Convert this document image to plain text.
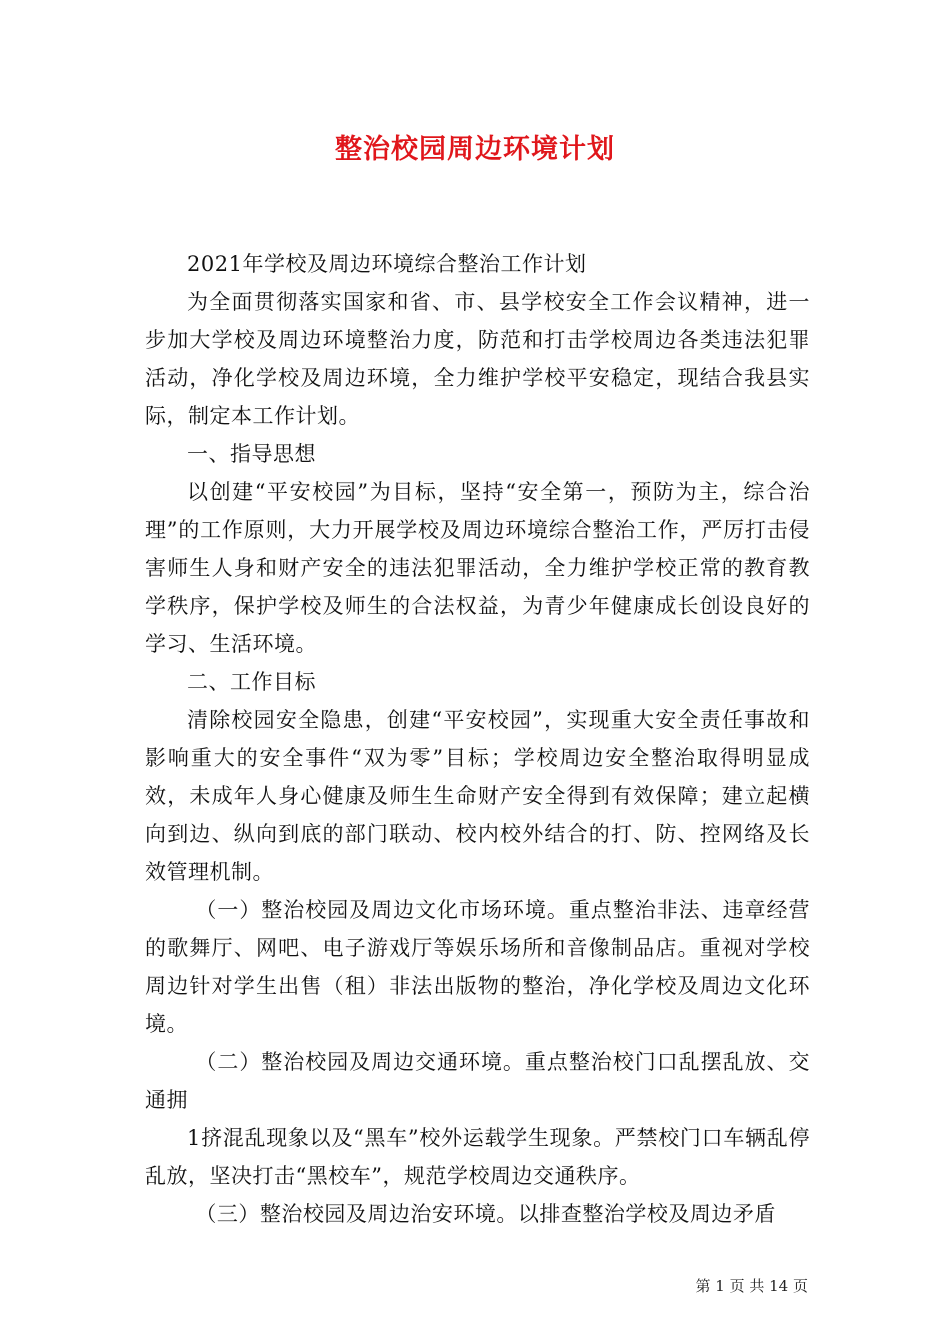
整治校园周边环境计划

2021年学校及周边环境综合整治工作计划

为全面贯彻落实国家和省、市、县学校安全工作会议精神，进一步加大学校及周边环境整治力度，防范和打击学校周边各类违法犯罪活动，净化学校及周边环境，全力维护学校平安稳定，现结合我县实际，制定本工作计划。

一、指导思想

以创建“平安校园”为目标，坚持“安全第一，预防为主，综合治理”的工作原则，大力开展学校及周边环境综合整治工作，严厉打击侵害师生人身和财产安全的违法犯罪活动，全力维护学校正常的教育教学秩序，保护学校及师生的合法权益，为青少年健康成长创设良好的学习、生活环境。

二、工作目标

清除校园安全隐患，创建“平安校园”，实现重大安全责任事故和影响重大的安全事件“双为零”目标；学校周边安全整治取得明显成效，未成年人身心健康及师生生命财产安全得到有效保障；建立起横向到边、纵向到底的部门联动、校内校外结合的打、防、控网络及长效管理机制。

（一）整治校园及周边文化市场环境。重点整治非法、违章经营的歌舞厅、网吧、电子游戏厅等娱乐场所和音像制品店。重视对学校周边针对学生出售（租）非法出版物的整治，净化学校及周边文化环境。

（二）整治校园及周边交通环境。重点整治校门口乱摆乱放、交通拥

1挤混乱现象以及“黑车”校外运载学生现象。严禁校门口车辆乱停乱放，坚决打击“黑校车”，规范学校周边交通秩序。

（三）整治校园及周边治安环境。以排查整治学校及周边矛盾

第 1 页 共 14 页
